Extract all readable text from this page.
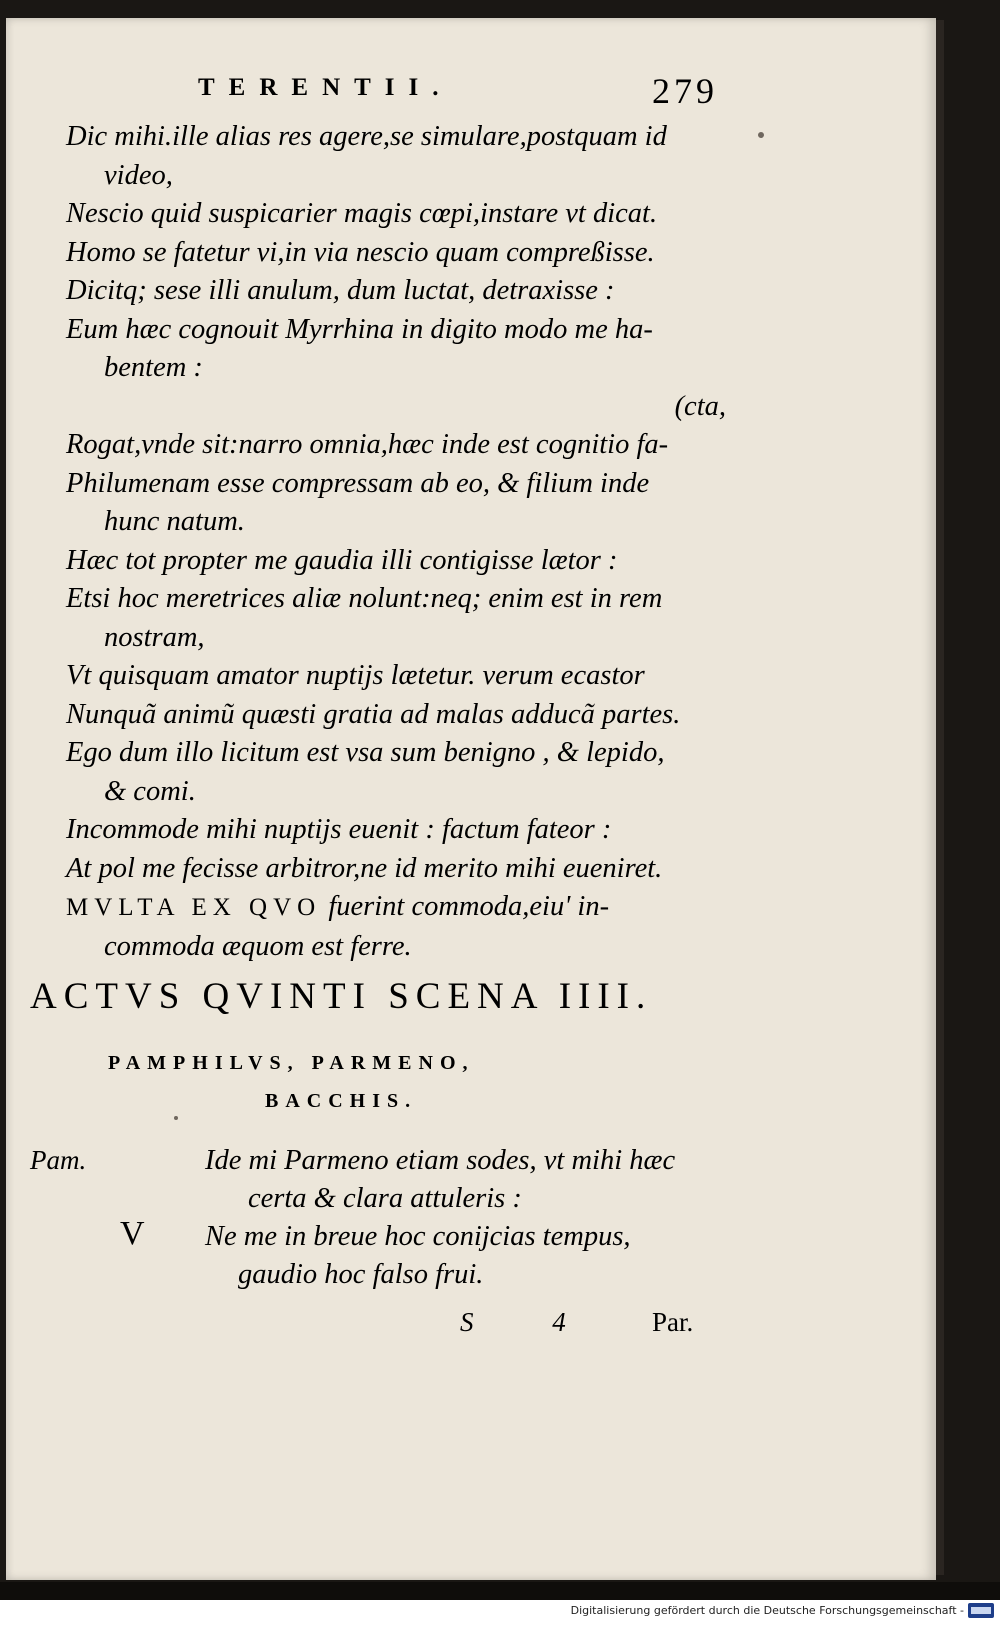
TERENTII.	279
Dic mihi.ille alias res agere,se simulare,postquam id
video,
Nescio quid suspicarier magis cœpi,instare vt dicat.
Homo se fatetur vi,in via nescio quam compreßisse.
Dicitq; sese illi anulum, dum luctat, detraxisse :
Eum hæc cognouit Myrrhina in digito modo me ha-
bentem :
(cta,
Rogat,vnde sit:narro omnia,hæc inde est cognitio fa-
Philumenam esse compressam ab eo, & filium inde
hunc natum.
Hæc tot propter me gaudia illi contigisse lætor :
Etsi hoc meretrices aliæ nolunt:neq; enim est in rem
nostram,
Vt quisquam amator nuptijs lætetur. verum ecastor
Nunquã animũ quæsti gratia ad malas adducã partes.
Ego dum illo licitum est vsa sum benigno , & lepido,
& comi.
Incommode mihi nuptijs euenit : factum fateor :
At pol me fecisse arbitror,ne id merito mihi eueniret.
MVLTA EX QVO fuerint commoda,eiu' in-
commoda æquom est ferre.
ACTVS QVINTI SCENA IIII.
PAMPHILVS, PARMENO,
BACCHIS.
Pam.
V
Ide mi Parmeno etiam sodes, vt mihi hæc
certa & clara attuleris :
Ne me in breue hoc conijcias tempus,
gaudio hoc falso frui.
S 4 Par.
Digitalisierung gefördert durch die Deutsche Forschungsgemeinschaft -
